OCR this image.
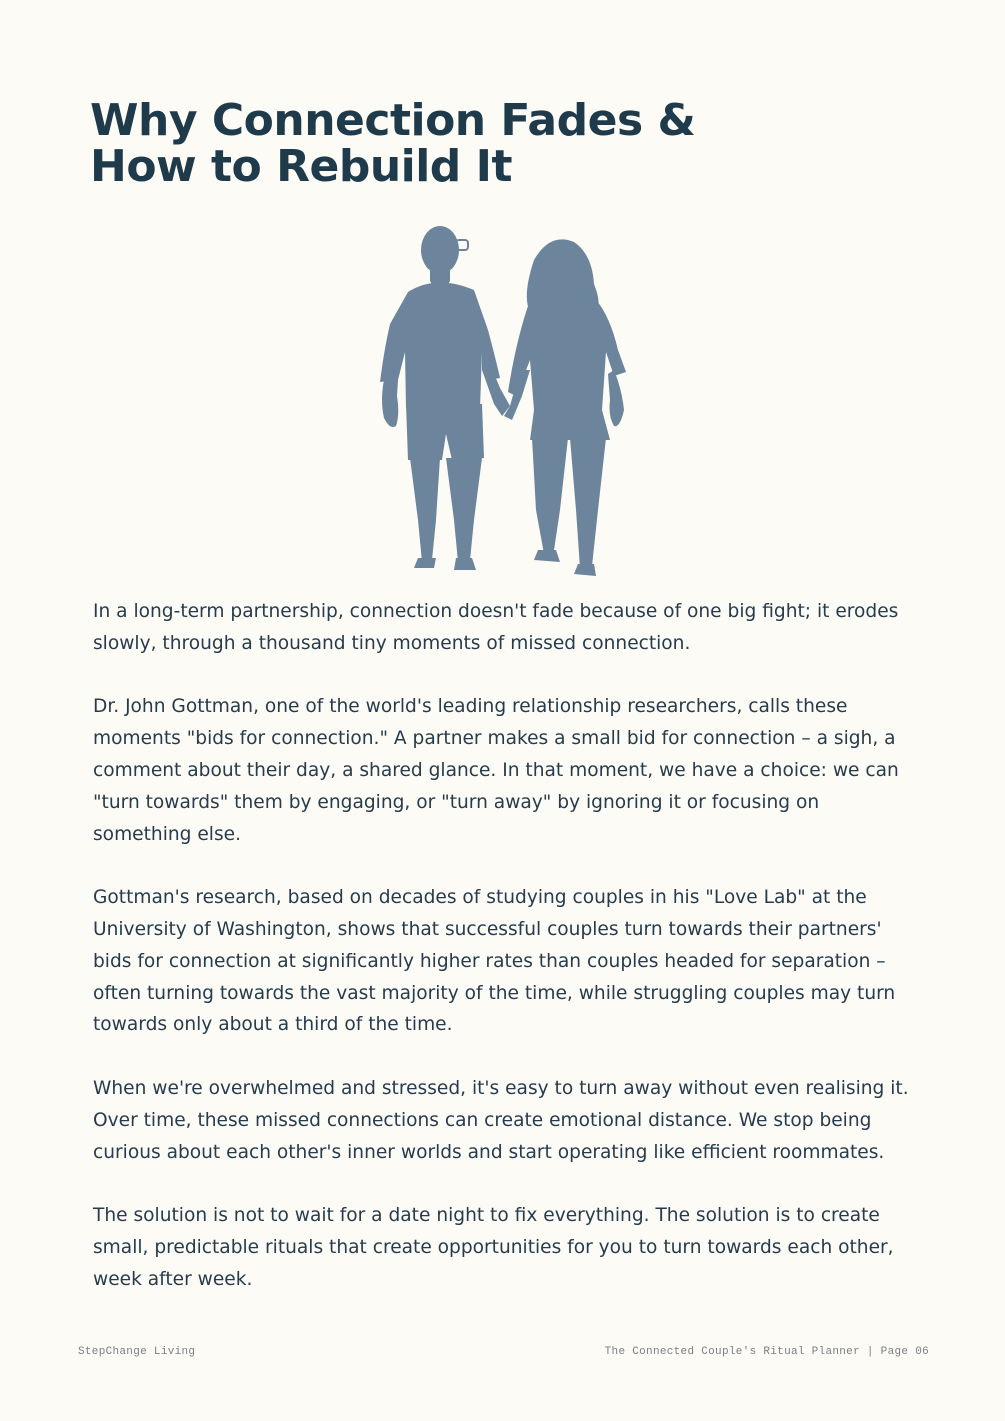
Why Connection Fades &
How to Rebuild It

In a long-term partnership, connection doesn't fade because of one big fight; it erodes slowly, through a thousand tiny moments of missed connection.

Dr. John Gottman, one of the world's leading relationship researchers, calls these moments "bids for connection." A partner makes a small bid for connection – a sigh, a comment about their day, a shared glance. In that moment, we have a choice: we can "turn towards" them by engaging, or "turn away" by ignoring it or focusing on something else.

Gottman's research, based on decades of studying couples in his "Love Lab" at the University of Washington, shows that successful couples turn towards their partners' bids for connection at significantly higher rates than couples headed for separation – often turning towards the vast majority of the time, while struggling couples may turn towards only about a third of the time.

When we're overwhelmed and stressed, it's easy to turn away without even realising it. Over time, these missed connections can create emotional distance. We stop being curious about each other's inner worlds and start operating like efficient roommates.

The solution is not to wait for a date night to fix everything. The solution is to create small, predictable rituals that create opportunities for you to turn towards each other, week after week.

StepChange Living	The Connected Couple's Ritual Planner | Page 06
